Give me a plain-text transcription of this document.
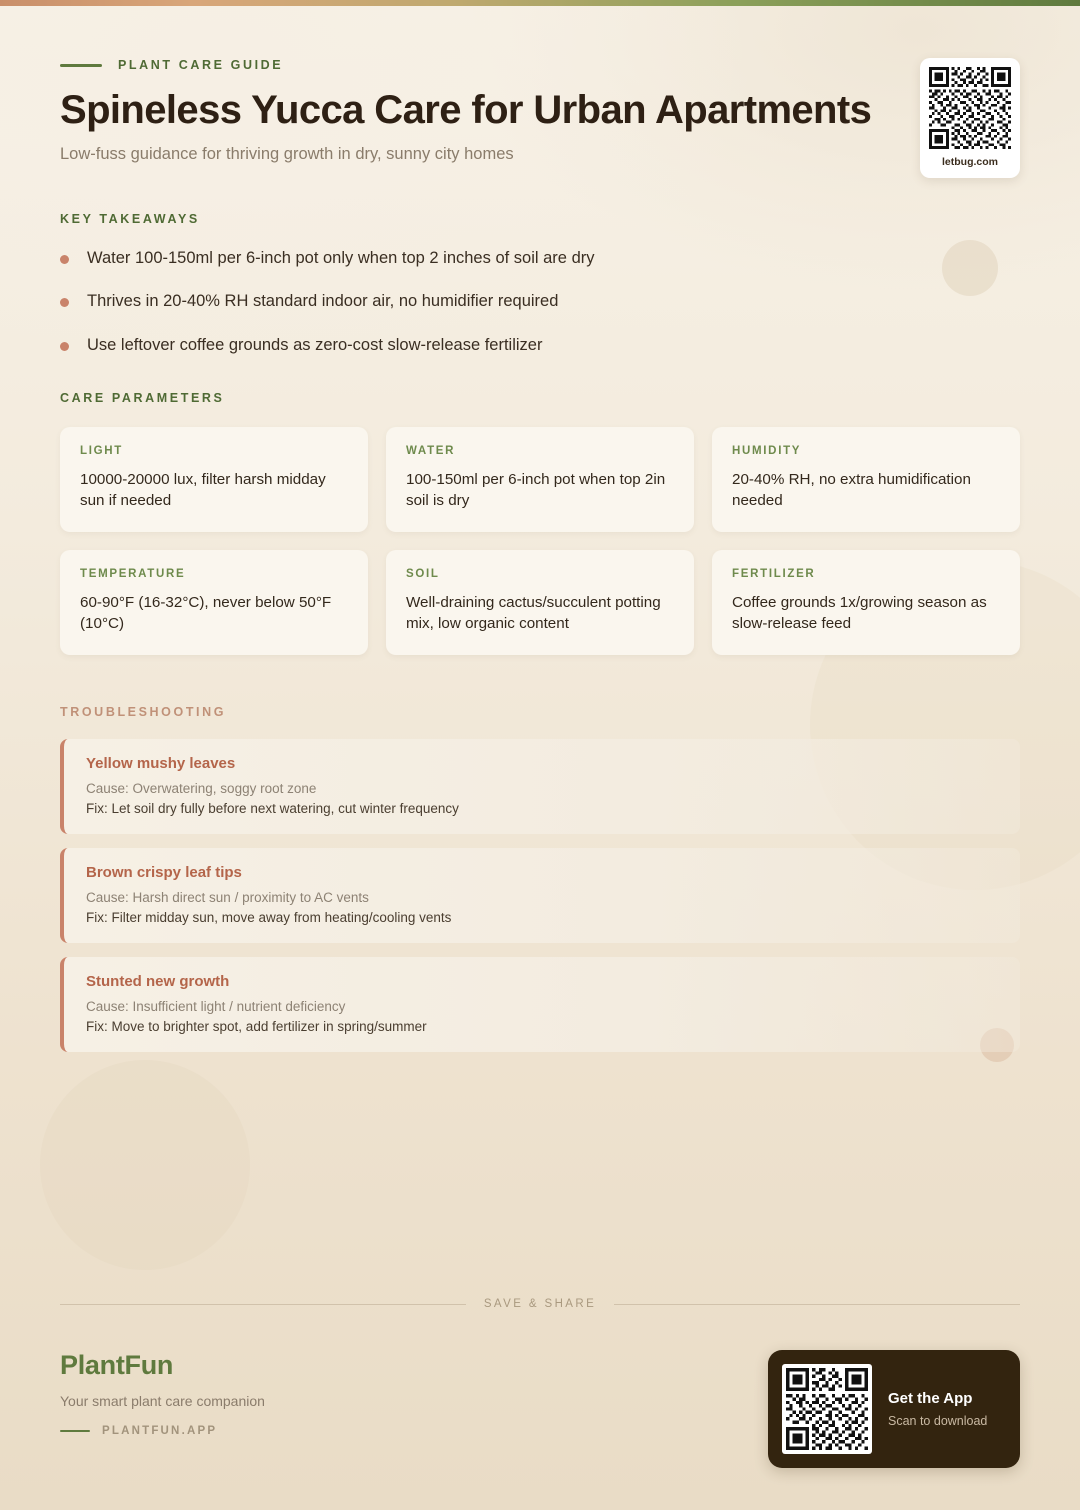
PLANT CARE GUIDE
Spineless Yucca Care for Urban Apartments
Low-fuss guidance for thriving growth in dry, sunny city homes
KEY TAKEAWAYS
Water 100-150ml per 6-inch pot only when top 2 inches of soil are dry
Thrives in 20-40% RH standard indoor air, no humidifier required
Use leftover coffee grounds as zero-cost slow-release fertilizer
CARE PARAMETERS
LIGHT
10000-20000 lux, filter harsh midday sun if needed
WATER
100-150ml per 6-inch pot when top 2in soil is dry
HUMIDITY
20-40% RH, no extra humidification needed
TEMPERATURE
60-90°F (16-32°C), never below 50°F (10°C)
SOIL
Well-draining cactus/succulent potting mix, low organic content
FERTILIZER
Coffee grounds 1x/growing season as slow-release feed
TROUBLESHOOTING
Yellow mushy leaves
Cause: Overwatering, soggy root zone
Fix: Let soil dry fully before next watering, cut winter frequency
Brown crispy leaf tips
Cause: Harsh direct sun / proximity to AC vents
Fix: Filter midday sun, move away from heating/cooling vents
Stunted new growth
Cause: Insufficient light / nutrient deficiency
Fix: Move to brighter spot, add fertilizer in spring/summer
letbug.com
SAVE & SHARE
PlantFun
Your smart plant care companion
PLANTFUN.APP
Get the App
Scan to download
